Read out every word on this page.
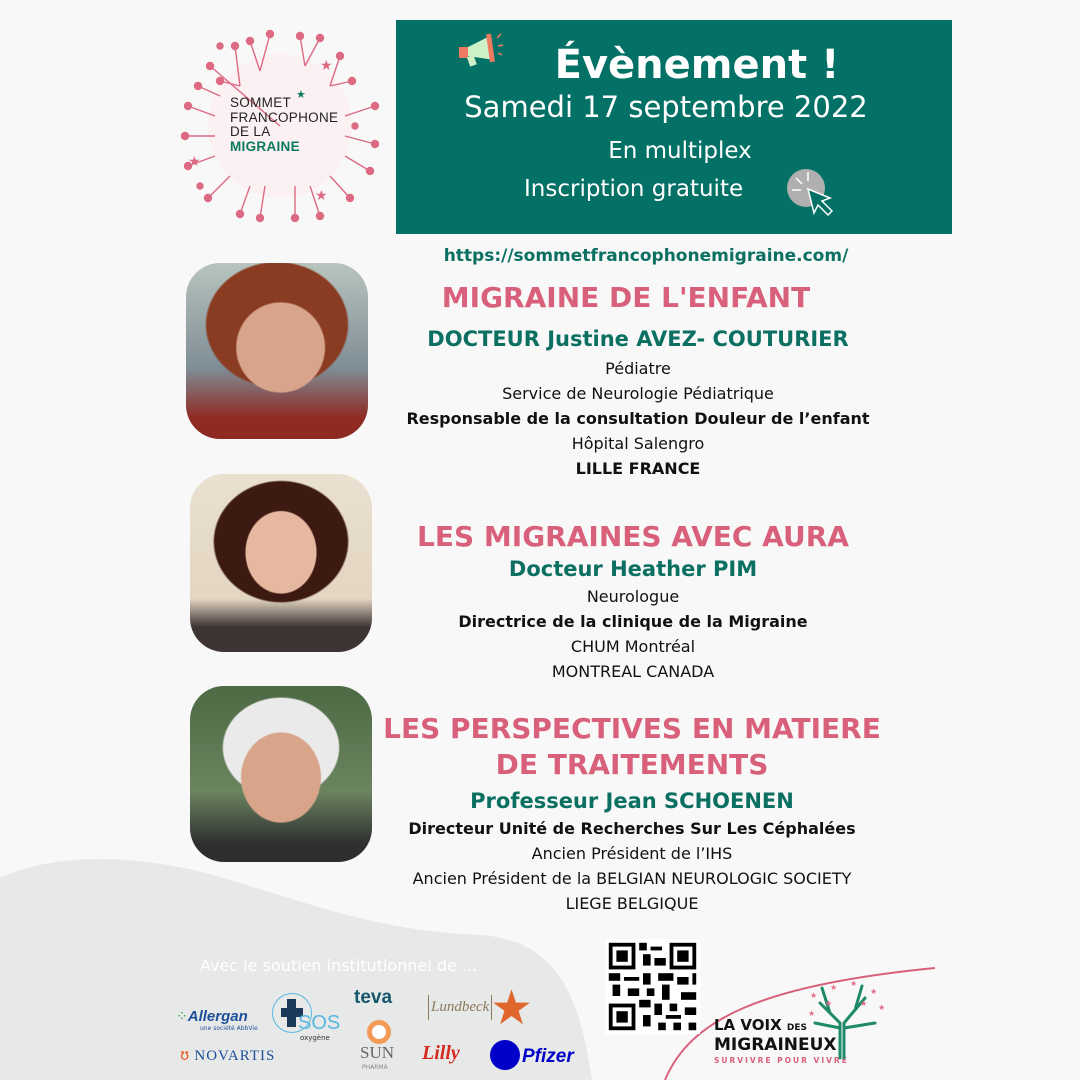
★
★
★
★
SOMMET
FRANCOPHONE
DE LA
MIGRAINE
Évènement !
Samedi 17 septembre 2022
En multiplex
Inscription gratuite
https://sommetfrancophonemigraine.com/
MIGRAINE DE L'ENFANT
DOCTEUR Justine AVEZ- COUTURIER
Pédiatre
Service de Neurologie Pédiatrique
Responsable de la consultation Douleur de l’enfant
Hôpital Salengro
LILLE FRANCE
LES MIGRAINES AVEC AURA
Docteur Heather PIM
Neurologue
Directrice de la clinique de la Migraine
CHUM Montréal
MONTREAL CANADA
LES PERSPECTIVES EN MATIERE
DE TRAITEMENTS
Professeur Jean SCHOENEN
Directeur Unité de Recherches Sur Les Céphalées
Ancien Président de l’IHS
Ancien Président de la BELGIAN NEUROLOGIC SOCIETY
LIEGE BELGIQUE
Avec le soutien institutionnel de ...
⁘Allergan
une société AbbVie
ʊ NOVARTIS
SOS
oxygène
teva
SUN
PHARMA
Lundbeck ★
Lilly	Pfizer
LA VOIX DES
MIGRAINEUX
SURVIVRE POUR VIVRE
★
★ ★
★
★
★
★
★
